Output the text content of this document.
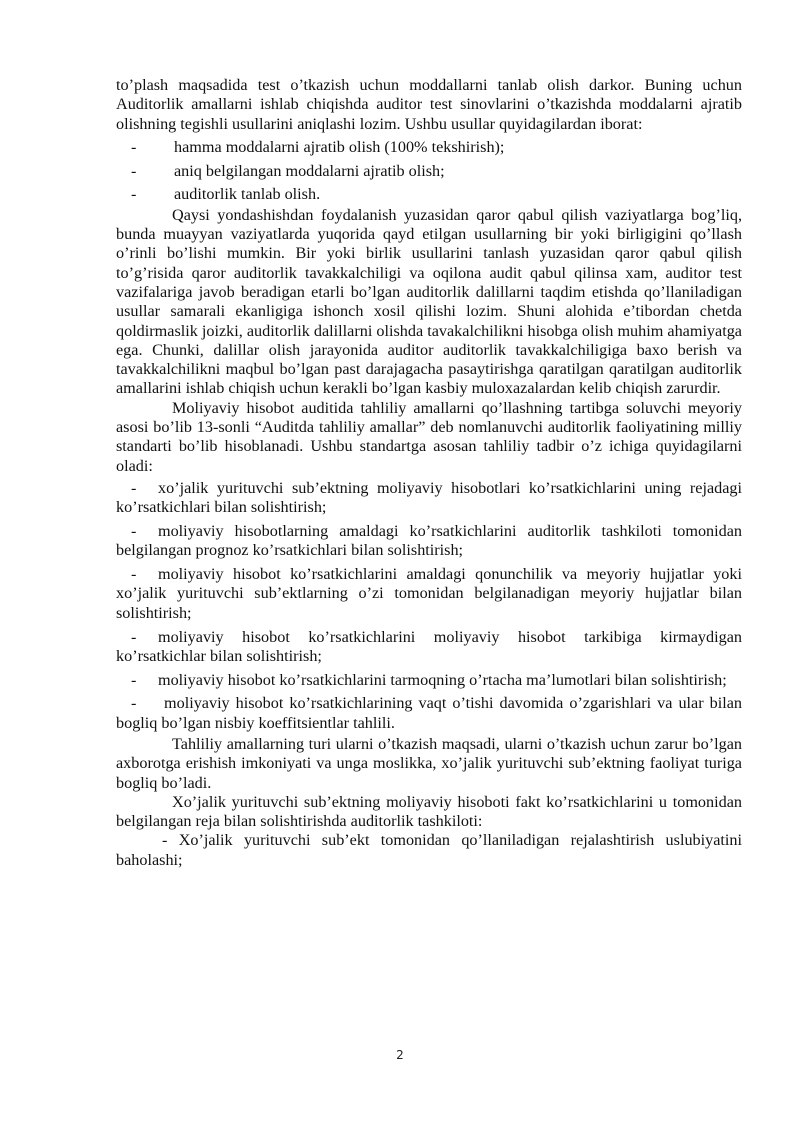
to’plash maqsadida test o’tkazish uchun moddallarni tanlab olish darkor. Buning uchun Auditorlik amallarni ishlab chiqishda auditor test sinovlarini o’tkazishda moddalarni ajratib olishning tegishli usullarini aniqlashi lozim. Ushbu usullar quyidagilardan iborat:

-	hamma moddalarni ajratib olish (100% tekshirish);
-	aniq belgilangan moddalarni ajratib olish;
-	auditorlik tanlab olish.

Qaysi yondashishdan foydalanish yuzasidan qaror qabul qilish vaziyatlarga bog’liq, bunda muayyan vaziyatlarda yuqorida qayd etilgan usullarning bir yoki birligigini qo’llash o’rinli bo’lishi mumkin. Bir yoki birlik usullarini tanlash yuzasidan qaror qabul qilish to’g’risida qaror auditorlik tavakkalchiligi va oqilona audit qabul qilinsa xam, auditor test vazifalariga javob beradigan etarli bo’lgan auditorlik dalillarni taqdim etishda qo’llaniladigan usullar samarali ekanligiga ishonch xosil qilishi lozim. Shuni alohida e’tibordan chetda qoldirmaslik joizki, auditorlik dalillarni olishda tavakalchilikni hisobga olish muhim ahamiyatga ega. Chunki, dalillar olish jarayonida auditor auditorlik tavakkalchiligiga baxo berish va tavakkalchilikni maqbul bo’lgan past darajagacha pasaytirishga qaratilgan qaratilgan auditorlik amallarini ishlab chiqish uchun kerakli bo’lgan kasbiy muloxazalardan kelib chiqish zarurdir.

Moliyaviy hisobot auditida tahliliy amallarni qo’llashning tartibga soluvchi meyoriy asosi bo’lib 13-sonli “Auditda tahliliy amallar” deb nomlanuvchi auditorlik faoliyatining milliy standarti bo’lib hisoblanadi. Ushbu standartga asosan tahliliy tadbir o’z ichiga quyidagilarni oladi:

- xo’jalik yurituvchi sub’ektning moliyaviy hisobotlari ko’rsatkichlarini uning rejadagi ko’rsatkichlari bilan solishtirish;

- moliyaviy hisobotlarning amaldagi ko’rsatkichlarini auditorlik tashkiloti tomonidan belgilangan prognoz ko’rsatkichlari bilan solishtirish;

- moliyaviy hisobot ko’rsatkichlarini amaldagi qonunchilik va meyoriy hujjatlar yoki xo’jalik yurituvchi sub’ektlarning o’zi tomonidan belgilanadigan meyoriy hujjatlar bilan solishtirish;

- moliyaviy hisobot ko’rsatkichlarini moliyaviy hisobot tarkibiga kirmaydigan ko’rsatkichlar bilan solishtirish;

- moliyaviy hisobot ko’rsatkichlarini tarmoqning o’rtacha ma’lumotlari bilan solishtirish;

- moliyaviy hisobot ko’rsatkichlarining vaqt o’tishi davomida o’zgarishlari va ular bilan bogliq bo’lgan nisbiy koeffitsientlar tahlili.

Tahliliy amallarning turi ularni o’tkazish maqsadi, ularni o’tkazish uchun zarur bo’lgan axborotga erishish imkoniyati va unga moslikka, xo’jalik yurituvchi sub’ektning faoliyat turiga bogliq bo’ladi.

Xo’jalik yurituvchi sub’ektning moliyaviy hisoboti fakt ko’rsatkichlarini u tomonidan belgilangan reja bilan solishtirishda auditorlik tashkiloti:

- Xo’jalik yurituvchi sub’ekt tomonidan qo’llaniladigan rejalashtirish uslubiyatini baholashi;

2
